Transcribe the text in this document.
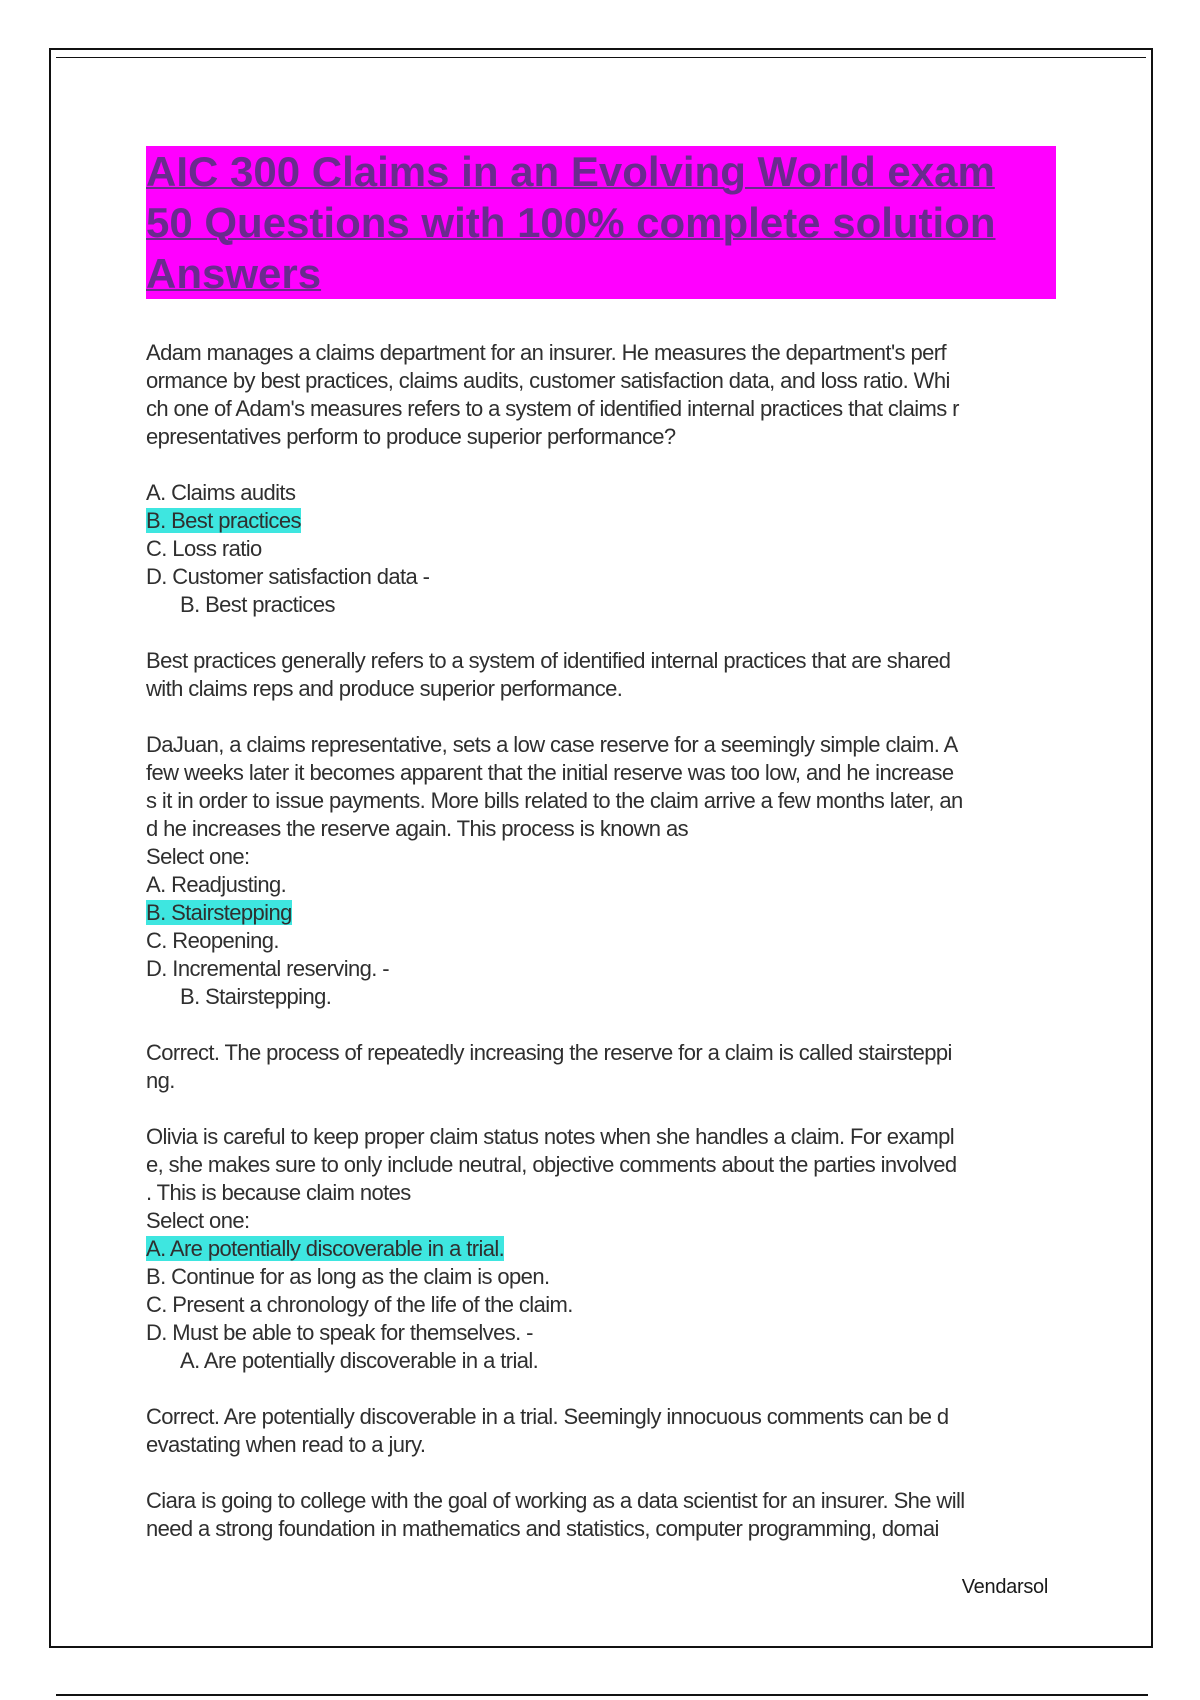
AIC 300 Claims in an Evolving World exam
50 Questions with 100% complete solution
Answers
Adam manages a claims department for an insurer. He measures the department's perf
ormance by best practices, claims audits, customer satisfaction data, and loss ratio. Whi
ch one of Adam's measures refers to a system of identified internal practices that claims r
epresentatives perform to produce superior performance?
A. Claims audits
B. Best practices
C. Loss ratio
D. Customer satisfaction data -
B. Best practices
Best practices generally refers to a system of identified internal practices that are shared
with claims reps and produce superior performance.
DaJuan, a claims representative, sets a low case reserve for a seemingly simple claim. A
few weeks later it becomes apparent that the initial reserve was too low, and he increase
s it in order to issue payments. More bills related to the claim arrive a few months later, an
d he increases the reserve again. This process is known as
Select one:
A. Readjusting.
B. Stairstepping
C. Reopening.
D. Incremental reserving. -
B. Stairstepping.
Correct. The process of repeatedly increasing the reserve for a claim is called stairsteppi
ng.
Olivia is careful to keep proper claim status notes when she handles a claim. For exampl
e, she makes sure to only include neutral, objective comments about the parties involved
. This is because claim notes
Select one:
A. Are potentially discoverable in a trial.
B. Continue for as long as the claim is open.
C. Present a chronology of the life of the claim.
D. Must be able to speak for themselves. -
A. Are potentially discoverable in a trial.
Correct. Are potentially discoverable in a trial. Seemingly innocuous comments can be d
evastating when read to a jury.
Ciara is going to college with the goal of working as a data scientist for an insurer. She will
need a strong foundation in mathematics and statistics, computer programming, domai
Vendarsol
